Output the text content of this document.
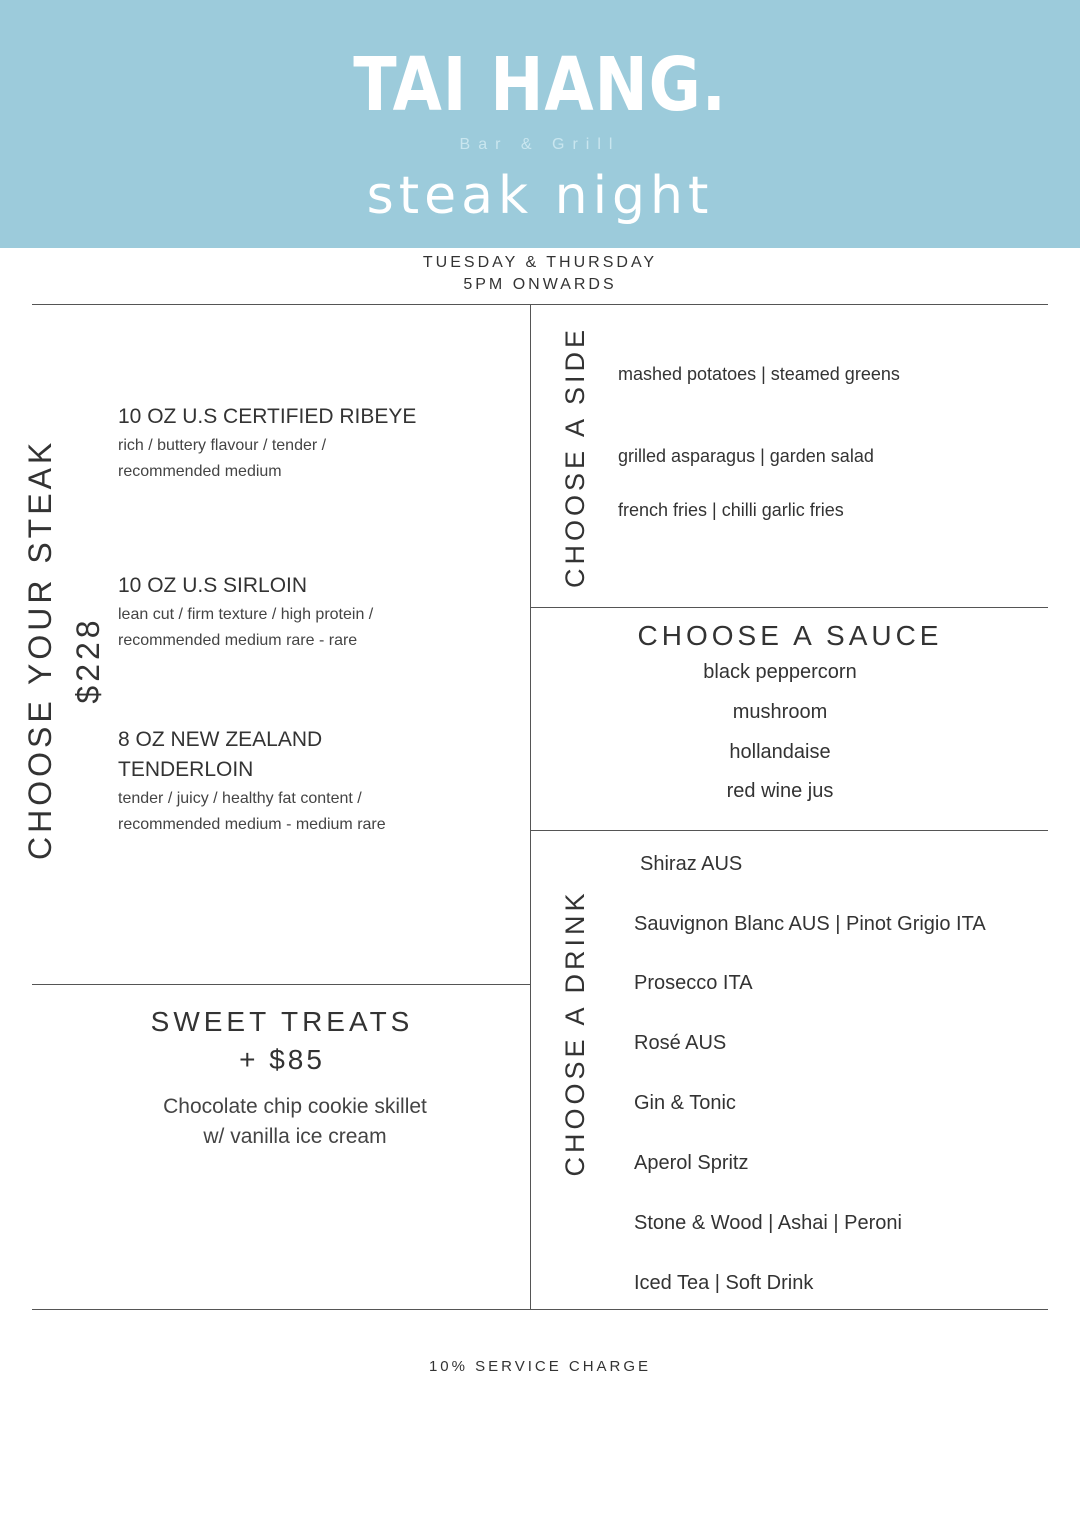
TAI HANG.
Bar & Grill
steak night
TUESDAY & THURSDAY
5PM ONWARDS
CHOOSE YOUR STEAK $228
10 OZ U.S CERTIFIED RIBEYE
rich / buttery flavour / tender /
recommended medium
10 OZ U.S SIRLOIN
lean cut / firm texture / high protein /
recommended medium rare - rare
8 OZ NEW ZEALAND
TENDERLOIN
tender / juicy / healthy fat content /
recommended medium - medium rare
CHOOSE A SIDE mashed potatoes | steamed greens
grilled asparagus | garden salad
french fries | chilli garlic fries
CHOOSE A SAUCE
black peppercorn
mushroom
hollandaise
red wine jus
CHOOSE A DRINK
Shiraz AUS
Sauvignon Blanc AUS | Pinot Grigio ITA
Prosecco ITA
Rosé AUS
Gin & Tonic
Aperol Spritz
Stone & Wood | Ashai | Peroni
Iced Tea | Soft Drink
SWEET TREATS
+ $85
Chocolate chip cookie skillet
w/ vanilla ice cream
10% SERVICE CHARGE
